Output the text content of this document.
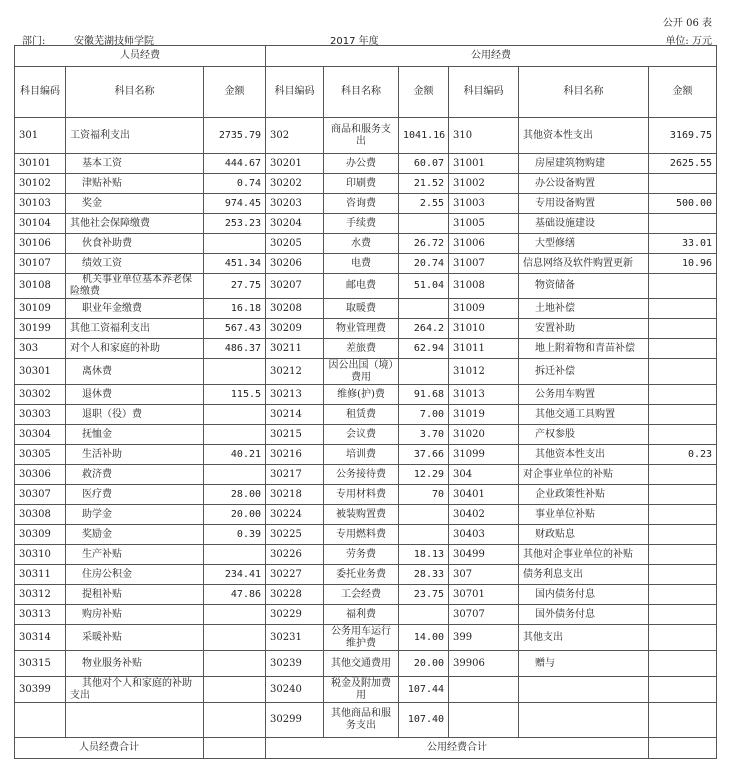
公开 06 表
部门:	安徽芜湖技师学院	2017 年度	单位: 万元
人员经费			公用经费					
科目编码	科目名称	金额	科目编码	科目名称	金额	科目编码	科目名称	金额
301	工资福利支出	2735.79	302	商品和服务支出	1041.16	310	其他资本性支出	3169.75
30101	基本工资	444.67	30201	办公费	60.07	31001	房屋建筑物购建	2625.55
30102	津贴补贴	0.74	30202	印刷费	21.52	31002	办公设备购置	
30103	奖金	974.45	30203	咨询费	2.55	31003	专用设备购置	500.00
30104	其他社会保障缴费	253.23	30204	手续费		31005	基础设施建设	
30106	伙食补助费		30205	水费	26.72	31006	大型修缮	33.01
30107	绩效工资	451.34	30206	电费	20.74	31007	信息网络及软件购置更新	10.96
30108	机关事业单位基本养老保险缴费	27.75	30207	邮电费	51.04	31008	物资储备	
30109	职业年金缴费	16.18	30208	取暖费		31009	土地补偿	
30199	其他工资福利支出	567.43	30209	物业管理费	264.2	31010	安置补助	
303	对个人和家庭的补助	486.37	30211	差旅费	62.94	31011	地上附着物和青苗补偿	
30301	离休费		30212	因公出国（境）费用		31012	拆迁补偿	
30302	退休费	115.5	30213	维修(护)费	91.68	31013	公务用车购置	
30303	退职（役）费		30214	租赁费	7.00	31019	其他交通工具购置	
30304	抚恤金		30215	会议费	3.70	31020	产权参股	
30305	生活补助	40.21	30216	培训费	37.66	31099	其他资本性支出	0.23
30306	救济费		30217	公务接待费	12.29	304	对企事业单位的补贴	
30307	医疗费	28.00	30218	专用材料费	70	30401	企业政策性补贴	
30308	助学金	20.00	30224	被装购置费		30402	事业单位补贴	
30309	奖励金	0.39	30225	专用燃料费		30403	财政贴息	
30310	生产补贴		30226	劳务费	18.13	30499	其他对企事业单位的补贴	
30311	住房公积金	234.41	30227	委托业务费	28.33	307	债务利息支出	
30312	提租补贴	47.86	30228	工会经费	23.75	30701	国内债务付息	
30313	购房补贴		30229	福利费		30707	国外债务付息	
30314	采暖补贴		30231	公务用车运行维护费	14.00	399	其他支出	
30315	物业服务补贴		30239	其他交通费用	20.00	39906	赠与	
30399	其他对个人和家庭的补助支出		30240	税金及附加费用	107.44			
			30299	其他商品和服务支出	107.40			
人员经费合计			公用经费合计					
